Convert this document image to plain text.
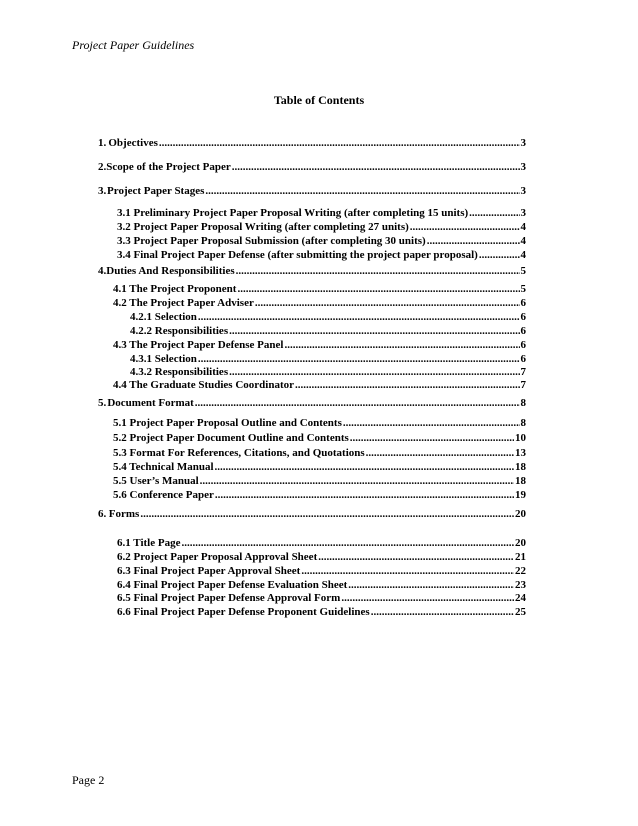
Project Paper Guidelines
Table of Contents
1. Objectives .....	3
2. Scope of the Project Paper .....	3
3. Project Paper Stages .....	3
3.1 Preliminary Project Paper Proposal Writing (after completing 15 units) .....	3
3.2 Project Paper Proposal Writing (after completing 27 units) .....	4
3.3 Project Paper Proposal Submission (after completing 30 units) .....	4
3.4 Final Project Paper Defense (after submitting the project paper proposal) .....	4
4. Duties And Responsibilities .....	5
4.1 The Project Proponent .....	5
4.2 The Project Paper Adviser .....	6
4.2.1 Selection .....	6
4.2.2 Responsibilities .....	6
4.3 The Project Paper Defense Panel .....	6
4.3.1 Selection .....	6
4.3.2 Responsibilities .....	7
4.4 The Graduate Studies Coordinator .....	7
5. Document Format .....	8
5.1 Project Paper Proposal Outline and Contents .....	8
5.2 Project Paper Document Outline and Contents .....	10
5.3 Format For References, Citations, and Quotations .....	13
5.4 Technical Manual .....	18
5.5 User’s Manual .....	18
5.6 Conference Paper .....	19
6. Forms .....	20
6.1 Title Page .....	20
6.2 Project Paper Proposal Approval Sheet .....	21
6.3 Final Project Paper Approval Sheet .....	22
6.4 Final Project Paper Defense Evaluation Sheet .....	23
6.5 Final Project Paper Defense Approval Form .....	24
6.6 Final Project Paper Defense Proponent Guidelines .....	25
Page 2
